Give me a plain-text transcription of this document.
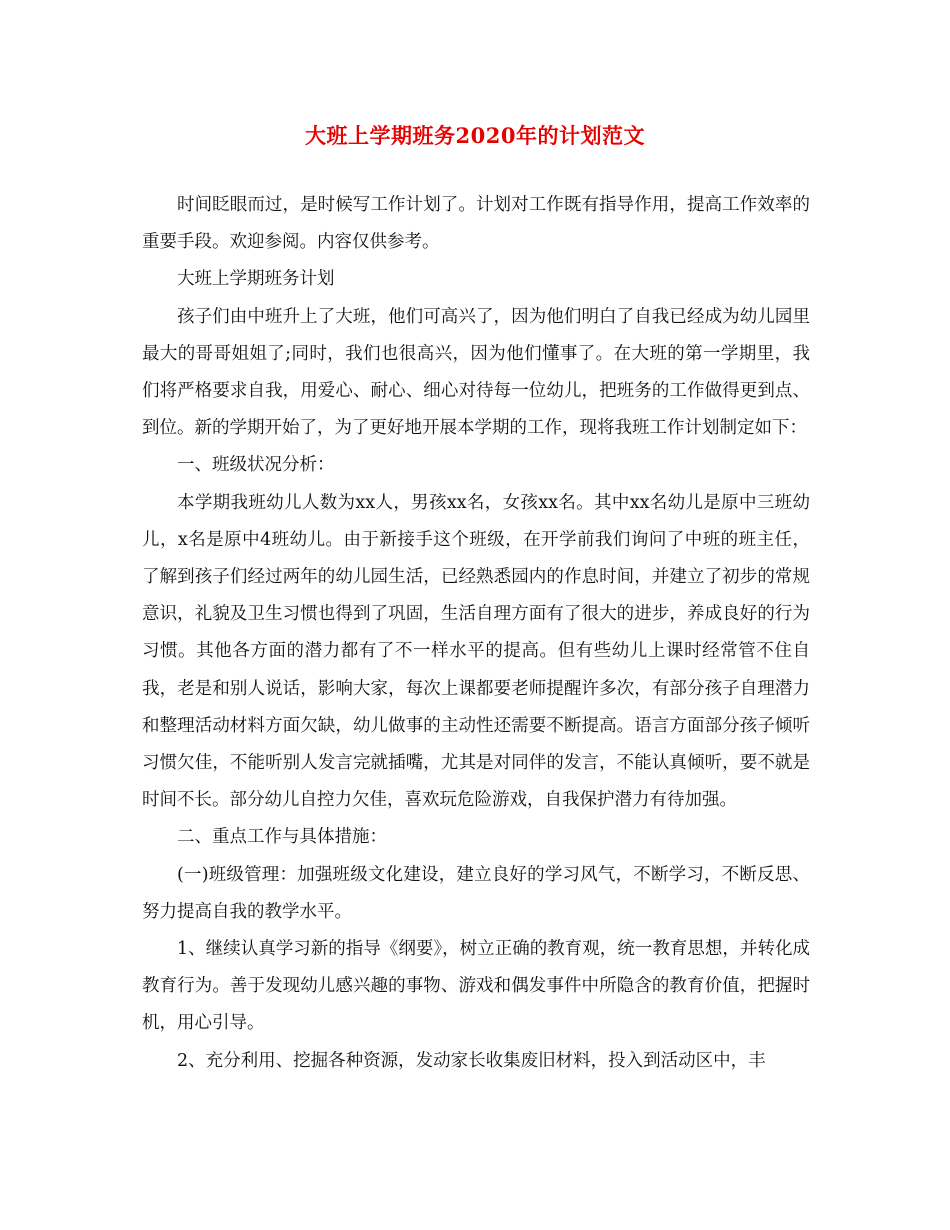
大班上学期班务2020年的计划范文

时间眨眼而过，是时候写工作计划了。计划对工作既有指导作用，提高工作效率的重要手段。欢迎参阅。内容仅供参考。

大班上学期班务计划

孩子们由中班升上了大班，他们可高兴了，因为他们明白了自我已经成为幼儿园里最大的哥哥姐姐了;同时，我们也很高兴，因为他们懂事了。在大班的第一学期里，我们将严格要求自我，用爱心、耐心、细心对待每一位幼儿，把班务的工作做得更到点、到位。新的学期开始了，为了更好地开展本学期的工作，现将我班工作计划制定如下：

一、班级状况分析：

本学期我班幼儿人数为xx人，男孩xx名，女孩xx名。其中xx名幼儿是原中三班幼儿，x名是原中4班幼儿。由于新接手这个班级，在开学前我们询问了中班的班主任，了解到孩子们经过两年的幼儿园生活，已经熟悉园内的作息时间，并建立了初步的常规意识，礼貌及卫生习惯也得到了巩固，生活自理方面有了很大的进步，养成良好的行为习惯。其他各方面的潜力都有了不一样水平的提高。但有些幼儿上课时经常管不住自我，老是和别人说话，影响大家，每次上课都要老师提醒许多次，有部分孩子自理潜力和整理活动材料方面欠缺，幼儿做事的主动性还需要不断提高。语言方面部分孩子倾听习惯欠佳，不能听别人发言完就插嘴，尤其是对同伴的发言，不能认真倾听，要不就是时间不长。部分幼儿自控力欠佳，喜欢玩危险游戏，自我保护潜力有待加强。

二、重点工作与具体措施：

(一)班级管理：加强班级文化建设，建立良好的学习风气，不断学习，不断反思、努力提高自我的教学水平。

1、继续认真学习新的指导《纲要》，树立正确的教育观，统一教育思想，并转化成教育行为。善于发现幼儿感兴趣的事物、游戏和偶发事件中所隐含的教育价值，把握时机，用心引导。

2、充分利用、挖掘各种资源，发动家长收集废旧材料，投入到活动区中，丰
